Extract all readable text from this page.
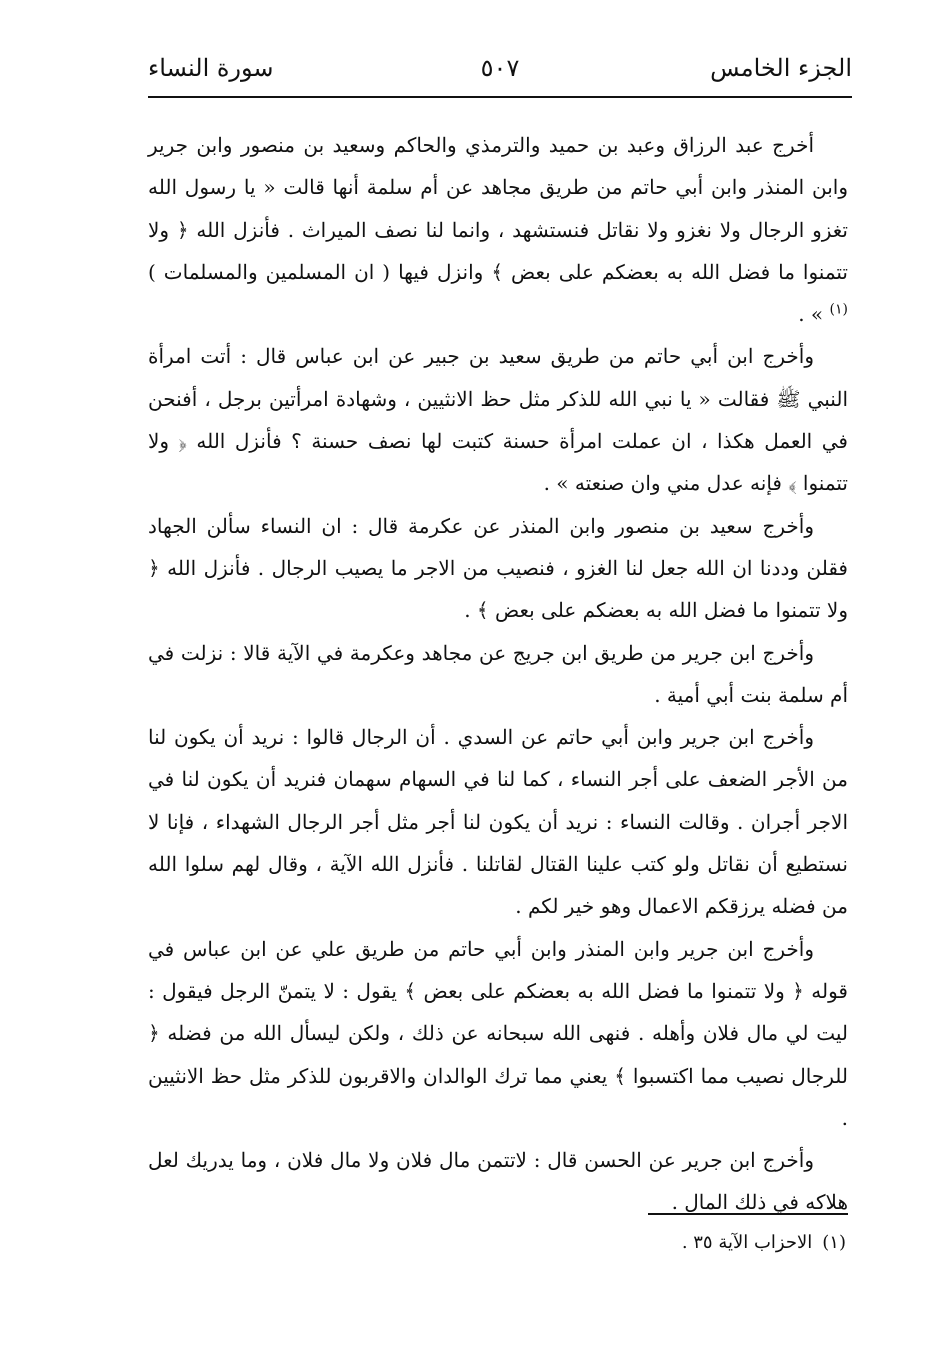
الجزء الخامس
٥٠٧
سورة النساء

أخرج عبد الرزاق وعبد بن حميد والترمذي والحاكم وسعيد بن منصور وابن جرير وابن المنذر وابن أبي حاتم من طريق مجاهد عن أم سلمة أنها قالت « يا رسول الله تغزو الرجال ولا نغزو ولا نقاتل فنستشهد ، وانما لنا نصف الميراث . فأنزل الله ﴿ ولا تتمنوا ما فضل الله به بعضكم على بعض ﴾ وانزل فيها ( ان المسلمين والمسلمات ) $^{(١)}$ » .

وأخرج ابن أبي حاتم من طريق سعيد بن جبير عن ابن عباس قال : أتت امرأة النبي ﷺ فقالت « يا نبي الله للذكر مثل حظ الانثيين ، وشهادة امرأتين برجل ، أفنحن في العمل هكذا ، ان عملت امرأة حسنة كتبت لها نصف حسنة ؟ فأنزل الله ﴿ ولا تتمنوا ﴾ فإنه عدل مني وان صنعته » .

وأخرج سعيد بن منصور وابن المنذر عن عكرمة قال : ان النساء سألن الجهاد فقلن وددنا ان الله جعل لنا الغزو ، فنصيب من الاجر ما يصيب الرجال . فأنزل الله ﴿ ولا تتمنوا ما فضل الله به بعضكم على بعض ﴾ .

وأخرج ابن جرير من طريق ابن جريج عن مجاهد وعكرمة في الآية قالا : نزلت في أم سلمة بنت أبي أمية .

وأخرج ابن جرير وابن أبي حاتم عن السدي . أن الرجال قالوا : نريد أن يكون لنا من الأجر الضعف على أجر النساء ، كما لنا في السهام سهمان فنريد أن يكون لنا في الاجر أجران . وقالت النساء : نريد أن يكون لنا أجر مثل أجر الرجال الشهداء ، فإنا لا نستطيع أن نقاتل ولو كتب علينا القتال لقاتلنا . فأنزل الله الآية ، وقال لهم سلوا الله من فضله يرزقكم الاعمال وهو خير لكم .

وأخرج ابن جرير وابن المنذر وابن أبي حاتم من طريق علي عن ابن عباس في قوله ﴿ ولا تتمنوا ما فضل الله به بعضكم على بعض ﴾ يقول : لا يتمنّ الرجل فيقول : ليت لي مال فلان وأهله . فنهى الله سبحانه عن ذلك ، ولكن ليسأل الله من فضله ﴿ للرجال نصيب مما اكتسبوا ﴾ يعني مما ترك الوالدان والاقربون للذكر مثل حظ الانثيين .

وأخرج ابن جرير عن الحسن قال : لاتتمن مال فلان ولا مال فلان ، وما يدريك لعل هلاكه في ذلك المال .

(١)الاحزاب الآية ٣٥ .
